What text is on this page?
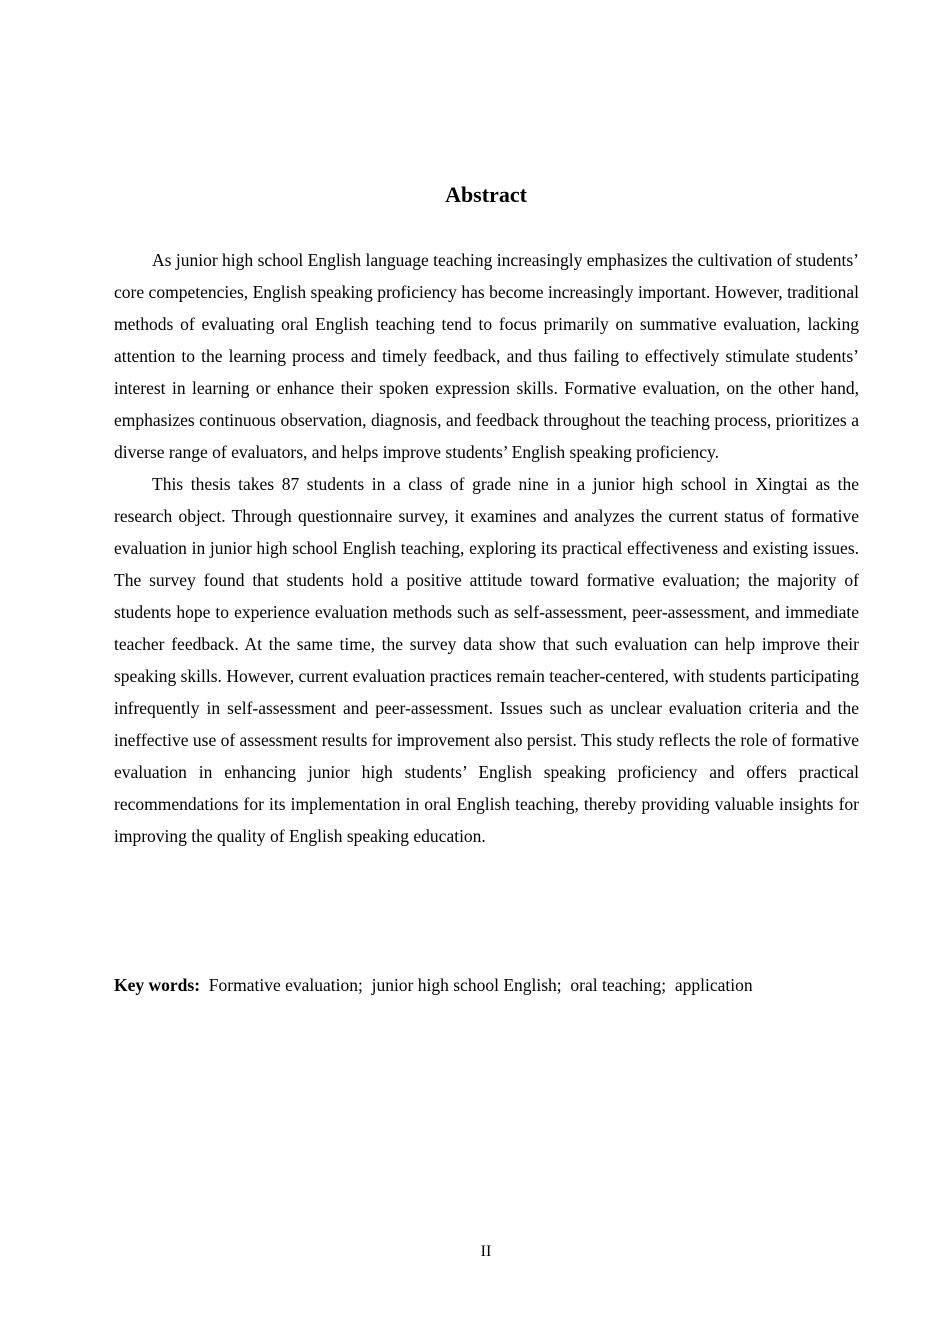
Abstract

As junior high school English language teaching increasingly emphasizes the cultivation of students’ core competencies, English speaking proficiency has become increasingly important. However, traditional methods of evaluating oral English teaching tend to focus primarily on summative evaluation, lacking attention to the learning process and timely feedback, and thus failing to effectively stimulate students’ interest in learning or enhance their spoken expression skills. Formative evaluation, on the other hand, emphasizes continuous observation, diagnosis, and feedback throughout the teaching process, prioritizes a diverse range of evaluators, and helps improve students’ English speaking proficiency.

This thesis takes 87 students in a class of grade nine in a junior high school in Xingtai as the research object. Through questionnaire survey, it examines and analyzes the current status of formative evaluation in junior high school English teaching, exploring its practical effectiveness and existing issues. The survey found that students hold a positive attitude toward formative evaluation; the majority of students hope to experience evaluation methods such as self-assessment, peer-assessment, and immediate teacher feedback. At the same time, the survey data show that such evaluation can help improve their speaking skills. However, current evaluation practices remain teacher-centered, with students participating infrequently in self-assessment and peer-assessment. Issues such as unclear evaluation criteria and the ineffective use of assessment results for improvement also persist. This study reflects the role of formative evaluation in enhancing junior high students’ English speaking proficiency and offers practical recommendations for its implementation in oral English teaching, thereby providing valuable insights for improving the quality of English speaking education.

Key words:  Formative evaluation;  junior high school English;  oral teaching;  application
II
